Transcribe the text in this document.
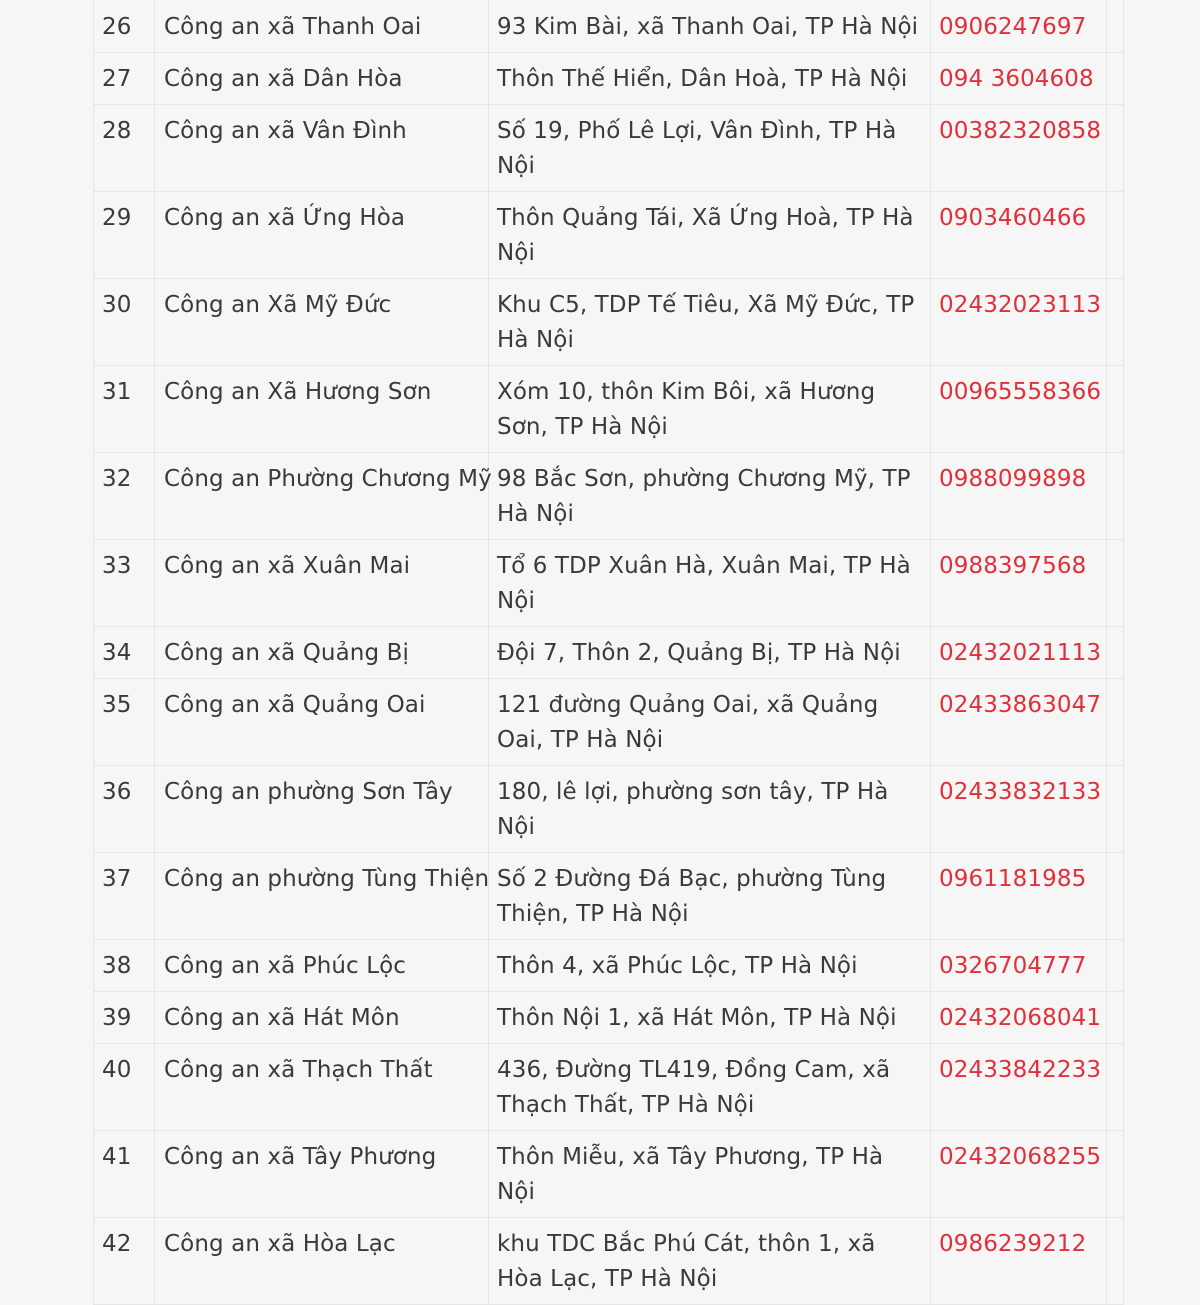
26	Công an xã Thanh Oai	93 Kim Bài, xã Thanh Oai, TP Hà Nội	0906247697	
27	Công an xã Dân Hòa	Thôn Thế Hiển, Dân Hoà, TP Hà Nội	094 3604608	
28	Công an xã Vân Đình	Số 19, Phố Lê Lợi, Vân Đình, TP Hà Nội	00382320858	
29	Công an xã Ứng Hòa	Thôn Quảng Tái, Xã Ứng Hoà, TP Hà Nội	0903460466	
30	Công an Xã Mỹ Đức	Khu C5, TDP Tế Tiêu, Xã Mỹ Đức, TP Hà Nội	02432023113	
31	Công an Xã Hương Sơn	Xóm 10, thôn Kim Bôi, xã Hương Sơn, TP Hà Nội	00965558366	
32	Công an Phường Chương Mỹ	98 Bắc Sơn, phường Chương Mỹ, TP Hà Nội	0988099898	
33	Công an xã Xuân Mai	Tổ 6 TDP Xuân Hà, Xuân Mai, TP Hà Nội	0988397568	
34	Công an xã Quảng Bị	Đội 7, Thôn 2, Quảng Bị, TP Hà Nội	02432021113	
35	Công an xã Quảng Oai	121 đường Quảng Oai, xã Quảng Oai, TP Hà Nội	02433863047	
36	Công an phường Sơn Tây	180, lê lợi, phường sơn tây, TP Hà Nội	02433832133	
37	Công an phường Tùng Thiện	Số 2 Đường Đá Bạc, phường Tùng Thiện, TP Hà Nội	0961181985	
38	Công an xã Phúc Lộc	Thôn 4, xã Phúc Lộc, TP Hà Nội	0326704777	
39	Công an xã Hát Môn	Thôn Nội 1, xã Hát Môn, TP Hà Nội	02432068041	
40	Công an xã Thạch Thất	436, Đường TL419, Đồng Cam, xã Thạch Thất, TP Hà Nội	02433842233	
41	Công an xã Tây Phương	Thôn Miễu, xã Tây Phương, TP Hà Nội	02432068255	
42	Công an xã Hòa Lạc	khu TDC Bắc Phú Cát, thôn 1, xã Hòa Lạc, TP Hà Nội	0986239212	
